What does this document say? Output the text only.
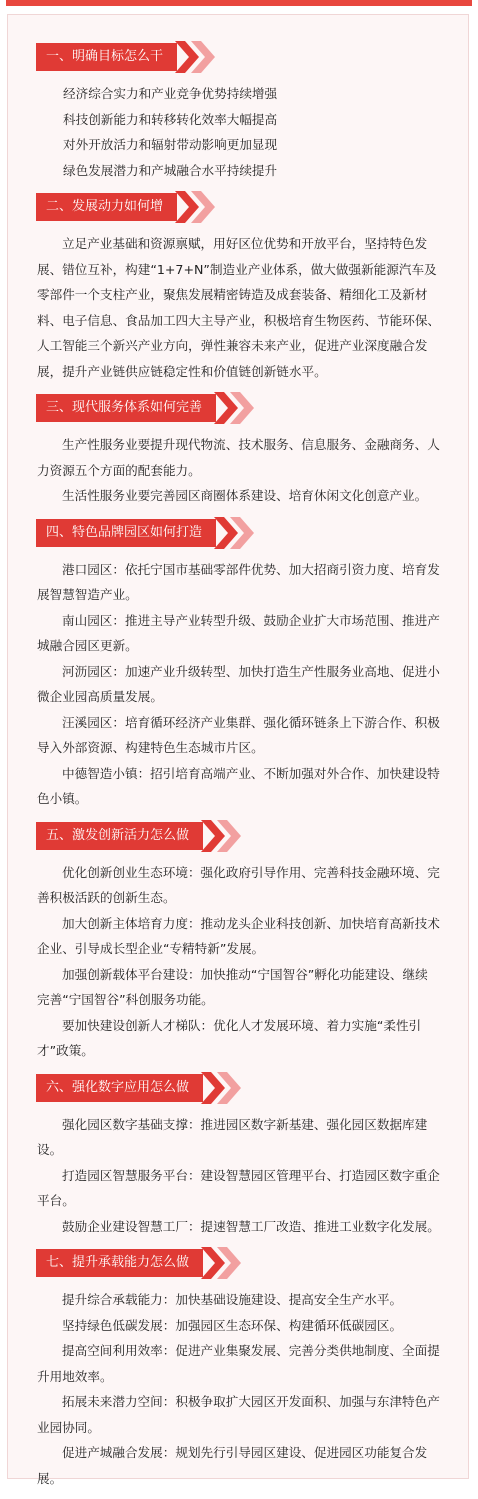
一、明确目标怎么干

经济综合实力和产业竞争优势持续增强

科技创新能力和转移转化效率大幅提高

对外开放活力和辐射带动影响更加显现

绿色发展潜力和产城融合水平持续提升

二、发展动力如何增

立足产业基础和资源禀赋，用好区位优势和开放平台，坚持特色发展、错位互补，构建“1+7+N”制造业产业体系，做大做强新能源汽车及零部件一个支柱产业，聚焦发展精密铸造及成套装备、精细化工及新材料、电子信息、食品加工四大主导产业，积极培育生物医药、节能环保、人工智能三个新兴产业方向，弹性兼容未来产业，促进产业深度融合发展，提升产业链供应链稳定性和价值链创新链水平。

三、现代服务体系如何完善

生产性服务业要提升现代物流、技术服务、信息服务、金融商务、人力资源五个方面的配套能力。

生活性服务业要完善园区商圈体系建设、培育休闲文化创意产业。

四、特色品牌园区如何打造

港口园区：依托宁国市基础零部件优势、加大招商引资力度、培育发展智慧智造产业。

南山园区：推进主导产业转型升级、鼓励企业扩大市场范围、推进产城融合园区更新。

河沥园区：加速产业升级转型、加快打造生产性服务业高地、促进小微企业园高质量发展。

汪溪园区：培育循环经济产业集群、强化循环链条上下游合作、积极导入外部资源、构建特色生态城市片区。

中德智造小镇：招引培育高端产业、不断加强对外合作、加快建设特色小镇。

五、激发创新活力怎么做

优化创新创业生态环境：强化政府引导作用、完善科技金融环境、完善积极活跃的创新生态。

加大创新主体培育力度：推动龙头企业科技创新、加快培育高新技术企业、引导成长型企业“专精特新”发展。

加强创新载体平台建设：加快推动“宁国智谷”孵化功能建设、继续完善“宁国智谷”科创服务功能。

要加快建设创新人才梯队：优化人才发展环境、着力实施“柔性引才”政策。

六、强化数字应用怎么做

强化园区数字基础支撑：推进园区数字新基建、强化园区数据库建设。

打造园区智慧服务平台：建设智慧园区管理平台、打造园区数字重企平台。

鼓励企业建设智慧工厂：提速智慧工厂改造、推进工业数字化发展。

七、提升承载能力怎么做

提升综合承载能力：加快基础设施建设、提高安全生产水平。

坚持绿色低碳发展：加强园区生态环保、构建循环低碳园区。

提高空间利用效率：促进产业集聚发展、完善分类供地制度、全面提升用地效率。

拓展未来潜力空间：积极争取扩大园区开发面积、加强与东津特色产业园协同。

促进产城融合发展：规划先行引导园区建设、促进园区功能复合发展。
